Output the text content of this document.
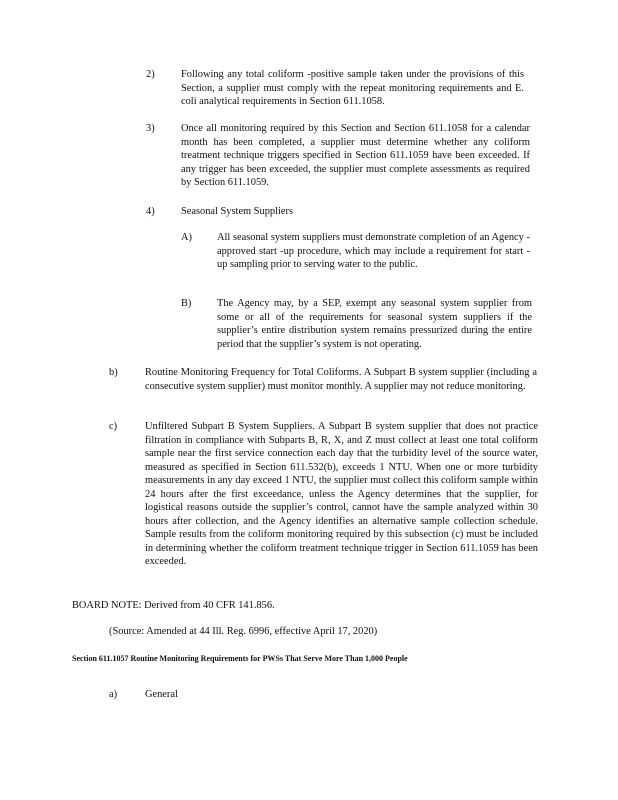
2)	Following any total coliform -positive sample taken under the provisions of this Section, a supplier must comply with the repeat monitoring requirements and E. coli analytical requirements in Section 611.1058.
3)	Once all monitoring required by this Section and Section 611.1058 for a calendar month has been completed, a supplier must determine whether any coliform treatment technique triggers specified in Section 611.1059 have been exceeded. If any trigger has been exceeded, the supplier must complete assessments as required by Section 611.1059.
4)	Seasonal System Suppliers
A) All seasonal system suppliers must demonstrate completion of an Agency -approved start -up procedure, which may include a requirement for start -up sampling prior to serving water to the public.
B) The Agency may, by a SEP, exempt any seasonal system supplier from some or all of the requirements for seasonal system suppliers if the supplier’s entire distribution system remains pressurized during the entire period that the supplier’s system is not operating.
b)	Routine Monitoring Frequency for Total Coliforms. A Subpart B system supplier (including a consecutive system supplier) must monitor monthly. A supplier may not reduce monitoring.
c)	Unfiltered Subpart B System Suppliers. A Subpart B system supplier that does not practice filtration in compliance with Subparts B, R, X, and Z must collect at least one total coliform sample near the first service connection each day that the turbidity level of the source water, measured as specified in Section 611.532(b), exceeds 1 NTU. When one or more turbidity measurements in any day exceed 1 NTU, the supplier must collect this coliform sample within 24 hours after the first exceedance, unless the Agency determines that the supplier, for logistical reasons outside the supplier’s control, cannot have the sample analyzed within 30 hours after collection, and the Agency identifies an alternative sample collection schedule. Sample results from the coliform monitoring required by this subsection (c) must be included in determining whether the coliform treatment technique trigger in Section 611.1059 has been exceeded.
BOARD NOTE: Derived from 40 CFR 141.856.
(Source: Amended at 44 Ill. Reg. 6996, effective April 17, 2020)
Section 611.1057 Routine Monitoring Requirements for PWSs That Serve More Than 1,000 People
a)	General
